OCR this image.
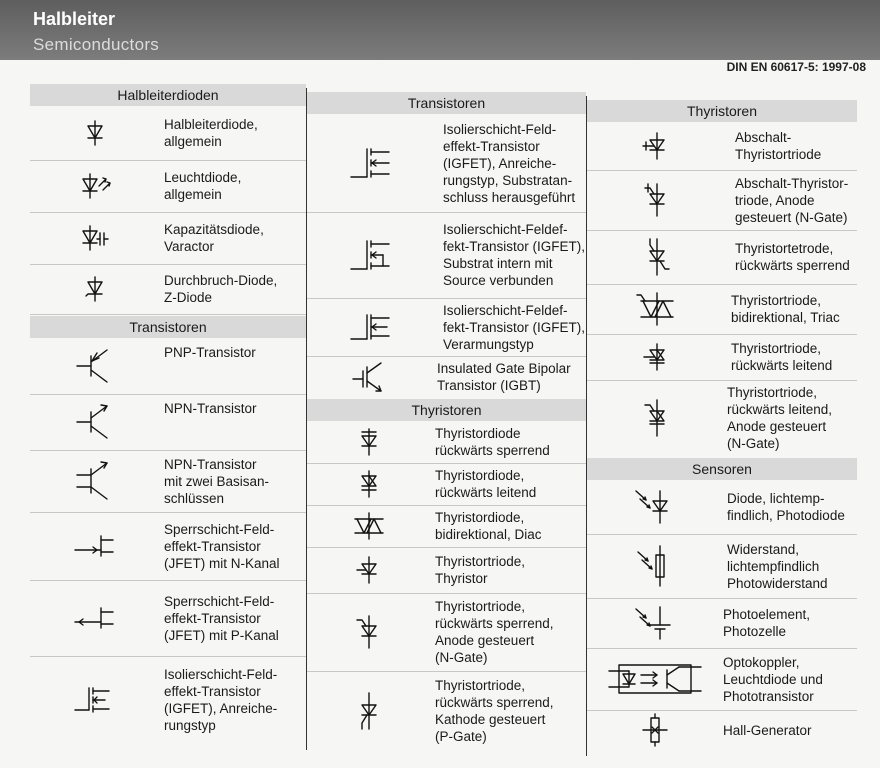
Halbleiter
Semiconductors
DIN EN 60617-5: 1997-08
Halbleiterdioden
Halbleiterdiode,
allgemein
Leuchtdiode,
allgemein
Kapazitätsdiode,
Varactor
Durchbruch-Diode,
Z-Diode
Transistoren
PNP-Transistor
NPN-Transistor
NPN-Transistor
mit zwei Basisan-
schlüssen
Sperrschicht-Feld-
effekt-Transistor
(JFET) mit N-Kanal
Sperrschicht-Feld-
effekt-Transistor
(JFET) mit P-Kanal
Isolierschicht-Feld-
effekt-Transistor
(IGFET), Anreiche-
rungstyp
Transistoren
Isolierschicht-Feld-
effekt-Transistor
(IGFET), Anreiche-
rungstyp, Substratan-
schluss herausgeführt
Isolierschicht-Feldef-
fekt-Transistor (IGFET),
Substrat intern mit
Source verbunden
Isolierschicht-Feldef-
fekt-Transistor (IGFET),
Verarmungstyp
Insulated Gate Bipolar
Transistor (IGBT)
Thyristoren
Thyristordiode
rückwärts sperrend
Thyristordiode,
rückwärts leitend
Thyristordiode,
bidirektional, Diac
Thyristortriode,
Thyristor
Thyristortriode,
rückwärts sperrend,
Anode gesteuert
(N-Gate)
Thyristortriode,
rückwärts sperrend,
Kathode gesteuert
(P-Gate)
Thyristoren
Abschalt-
Thyristortriode
Abschalt-Thyristor-
triode, Anode
gesteuert (N-Gate)
Thyristortetrode,
rückwärts sperrend
Thyristortriode,
bidirektional, Triac
Thyristortriode,
rückwärts leitend
Thyristortriode,
rückwärts leitend,
Anode gesteuert
(N-Gate)
Sensoren
Diode, lichtemp-
findlich, Photodiode
Widerstand,
lichtempfindlich
Photowiderstand
Photoelement,
Photozelle
Optokoppler,
Leuchtdiode und
Phototransistor
Hall-Generator
